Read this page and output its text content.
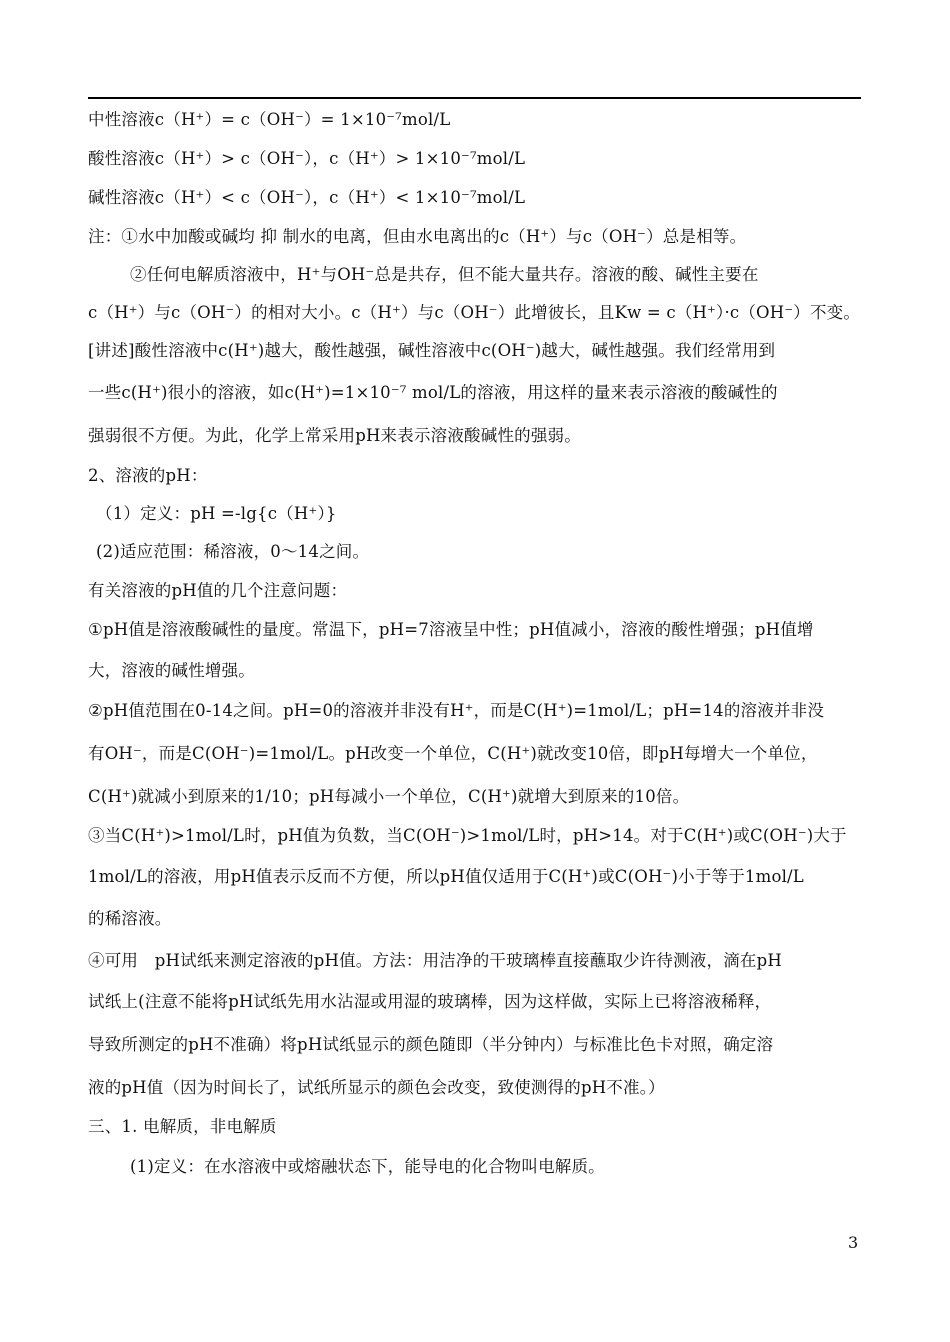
中性溶液c（H⁺）= c（OH⁻）= 1×10⁻⁷mol/L
酸性溶液c（H⁺）> c（OH⁻），c（H⁺）> 1×10⁻⁷mol/L
碱性溶液c（H⁺）< c（OH⁻），c（H⁺）< 1×10⁻⁷mol/L
注：①水中加酸或碱均 抑 制水的电离，但由水电离出的c（H⁺）与c（OH⁻）总是相等。
②任何电解质溶液中，H⁺与OH⁻总是共存，但不能大量共存。溶液的酸、碱性主要在
c（H⁺）与c（OH⁻）的相对大小。c（H⁺）与c（OH⁻）此增彼长，且Kw = c（H⁺）·c（OH⁻）不变。
[讲述]酸性溶液中c(H⁺)越大，酸性越强，碱性溶液中c(OH⁻)越大，碱性越强。我们经常用到
一些c(H⁺)很小的溶液，如c(H⁺)=1×10⁻⁷ mol/L的溶液，用这样的量来表示溶液的酸碱性的
强弱很不方便。为此，化学上常采用pH来表示溶液酸碱性的强弱。
2、溶液的pH：
（1）定义：pH =-lg{c（H⁺）}
(2)适应范围：稀溶液，0～14之间。
有关溶液的pH值的几个注意问题：
①pH值是溶液酸碱性的量度。常温下，pH=7溶液呈中性；pH值减小，溶液的酸性增强；pH值增
大，溶液的碱性增强。
②pH值范围在0-14之间。pH=0的溶液并非没有H⁺，而是C(H⁺)=1mol/L；pH=14的溶液并非没
有OH⁻，而是C(OH⁻)=1mol/L。pH改变一个单位，C(H⁺)就改变10倍，即pH每增大一个单位，
C(H⁺)就减小到原来的1/10；pH每减小一个单位，C(H⁺)就增大到原来的10倍。
③当C(H⁺)>1mol/L时，pH值为负数，当C(OH⁻)>1mol/L时，pH>14。对于C(H⁺)或C(OH⁻)大于
1mol/L的溶液，用pH值表示反而不方便，所以pH值仅适用于C(H⁺)或C(OH⁻)小于等于1mol/L
的稀溶液。
④可用　pH试纸来测定溶液的pH值。方法：用洁净的干玻璃棒直接蘸取少许待测液，滴在pH
试纸上(注意不能将pH试纸先用水沾湿或用湿的玻璃棒，因为这样做，实际上已将溶液稀释，
导致所测定的pH不准确）将pH试纸显示的颜色随即（半分钟内）与标准比色卡对照，确定溶
液的pH值（因为时间长了，试纸所显示的颜色会改变，致使测得的pH不准。）
三、1. 电解质，非电解质
(1)定义：在水溶液中或熔融状态下，能导电的化合物叫电解质。
3
